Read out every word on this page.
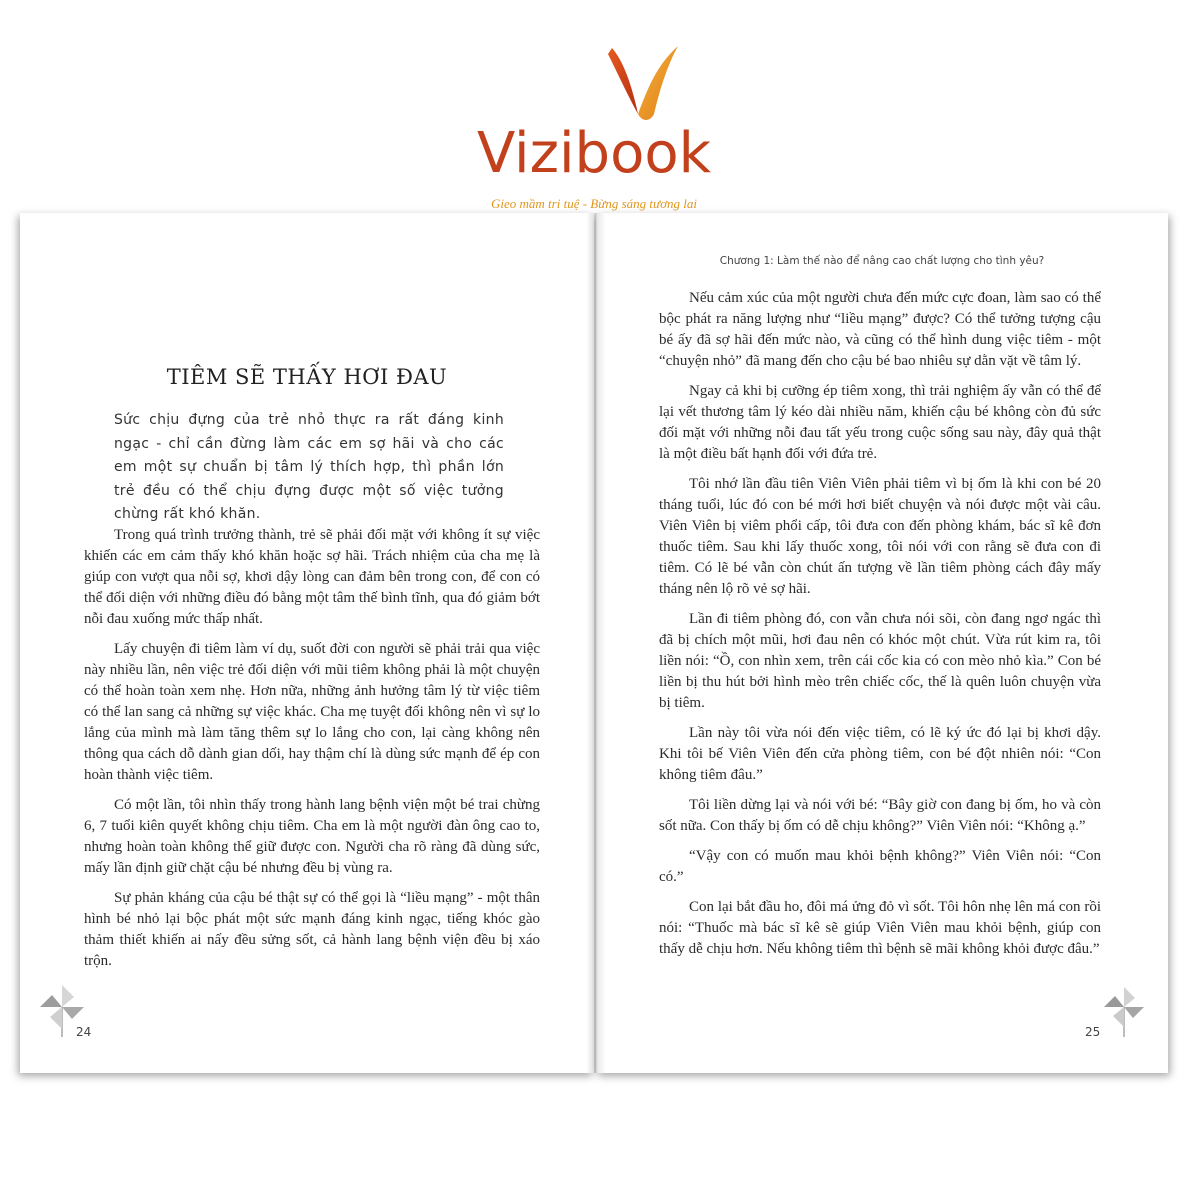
Vizibook
Gieo mầm tri tuệ - Bừng sáng tương lai
TIÊM SẼ THẤY HƠI ĐAU
Sức chịu đựng của trẻ nhỏ thực ra rất đáng kinh ngạc - chỉ cần đừng làm các em sợ hãi và cho các em một sự chuẩn bị tâm lý thích hợp, thì phần lớn trẻ đều có thể chịu đựng được một số việc tưởng chừng rất khó khăn.

Trong quá trình trưởng thành, trẻ sẽ phải đối mặt với không ít sự việc khiến các em cảm thấy khó khăn hoặc sợ hãi. Trách nhiệm của cha mẹ là giúp con vượt qua nỗi sợ, khơi dậy lòng can đảm bên trong con, để con có thể đối diện với những điều đó bằng một tâm thế bình tĩnh, qua đó giảm bớt nỗi đau xuống mức thấp nhất.

Lấy chuyện đi tiêm làm ví dụ, suốt đời con người sẽ phải trải qua việc này nhiều lần, nên việc trẻ đối diện với mũi tiêm không phải là một chuyện có thể hoàn toàn xem nhẹ. Hơn nữa, những ảnh hưởng tâm lý từ việc tiêm có thể lan sang cả những sự việc khác. Cha mẹ tuyệt đối không nên vì sự lo lắng của mình mà làm tăng thêm sự lo lắng cho con, lại càng không nên thông qua cách dỗ dành gian dối, hay thậm chí là dùng sức mạnh để ép con hoàn thành việc tiêm.

Có một lần, tôi nhìn thấy trong hành lang bệnh viện một bé trai chừng 6, 7 tuổi kiên quyết không chịu tiêm. Cha em là một người đàn ông cao to, nhưng hoàn toàn không thể giữ được con. Người cha rõ ràng đã dùng sức, mấy lần định giữ chặt cậu bé nhưng đều bị vùng ra.

Sự phản kháng của cậu bé thật sự có thể gọi là “liều mạng” - một thân hình bé nhỏ lại bộc phát một sức mạnh đáng kinh ngạc, tiếng khóc gào thảm thiết khiến ai nấy đều sửng sốt, cả hành lang bệnh viện đều bị xáo trộn.

24
Chương 1: Làm thế nào để nâng cao chất lượng cho tình yêu?

Nếu cảm xúc của một người chưa đến mức cực đoan, làm sao có thể bộc phát ra năng lượng như “liều mạng” được? Có thể tưởng tượng cậu bé ấy đã sợ hãi đến mức nào, và cũng có thể hình dung việc tiêm - một “chuyện nhỏ” đã mang đến cho cậu bé bao nhiêu sự dằn vặt về tâm lý.

Ngay cả khi bị cưỡng ép tiêm xong, thì trải nghiệm ấy vẫn có thể để lại vết thương tâm lý kéo dài nhiều năm, khiến cậu bé không còn đủ sức đối mặt với những nỗi đau tất yếu trong cuộc sống sau này, đây quả thật là một điều bất hạnh đối với đứa trẻ.

Tôi nhớ lần đầu tiên Viên Viên phải tiêm vì bị ốm là khi con bé 20 tháng tuổi, lúc đó con bé mới hơi biết chuyện và nói được một vài câu. Viên Viên bị viêm phổi cấp, tôi đưa con đến phòng khám, bác sĩ kê đơn thuốc tiêm. Sau khi lấy thuốc xong, tôi nói với con rằng sẽ đưa con đi tiêm. Có lẽ bé vẫn còn chút ấn tượng về lần tiêm phòng cách đây mấy tháng nên lộ rõ vẻ sợ hãi.

Lần đi tiêm phòng đó, con vẫn chưa nói sõi, còn đang ngơ ngác thì đã bị chích một mũi, hơi đau nên có khóc một chút. Vừa rút kim ra, tôi liền nói: “Ồ, con nhìn xem, trên cái cốc kia có con mèo nhỏ kìa.” Con bé liền bị thu hút bởi hình mèo trên chiếc cốc, thế là quên luôn chuyện vừa bị tiêm.

Lần này tôi vừa nói đến việc tiêm, có lẽ ký ức đó lại bị khơi dậy. Khi tôi bế Viên Viên đến cửa phòng tiêm, con bé đột nhiên nói: “Con không tiêm đâu.”

Tôi liền dừng lại và nói với bé: “Bây giờ con đang bị ốm, ho và còn sốt nữa. Con thấy bị ốm có dễ chịu không?” Viên Viên nói: “Không ạ.”

“Vậy con có muốn mau khỏi bệnh không?” Viên Viên nói: “Con có.”

Con lại bắt đầu ho, đôi má ửng đỏ vì sốt. Tôi hôn nhẹ lên má con rồi nói: “Thuốc mà bác sĩ kê sẽ giúp Viên Viên mau khỏi bệnh, giúp con thấy dễ chịu hơn. Nếu không tiêm thì bệnh sẽ mãi không khỏi được đâu.”

25
